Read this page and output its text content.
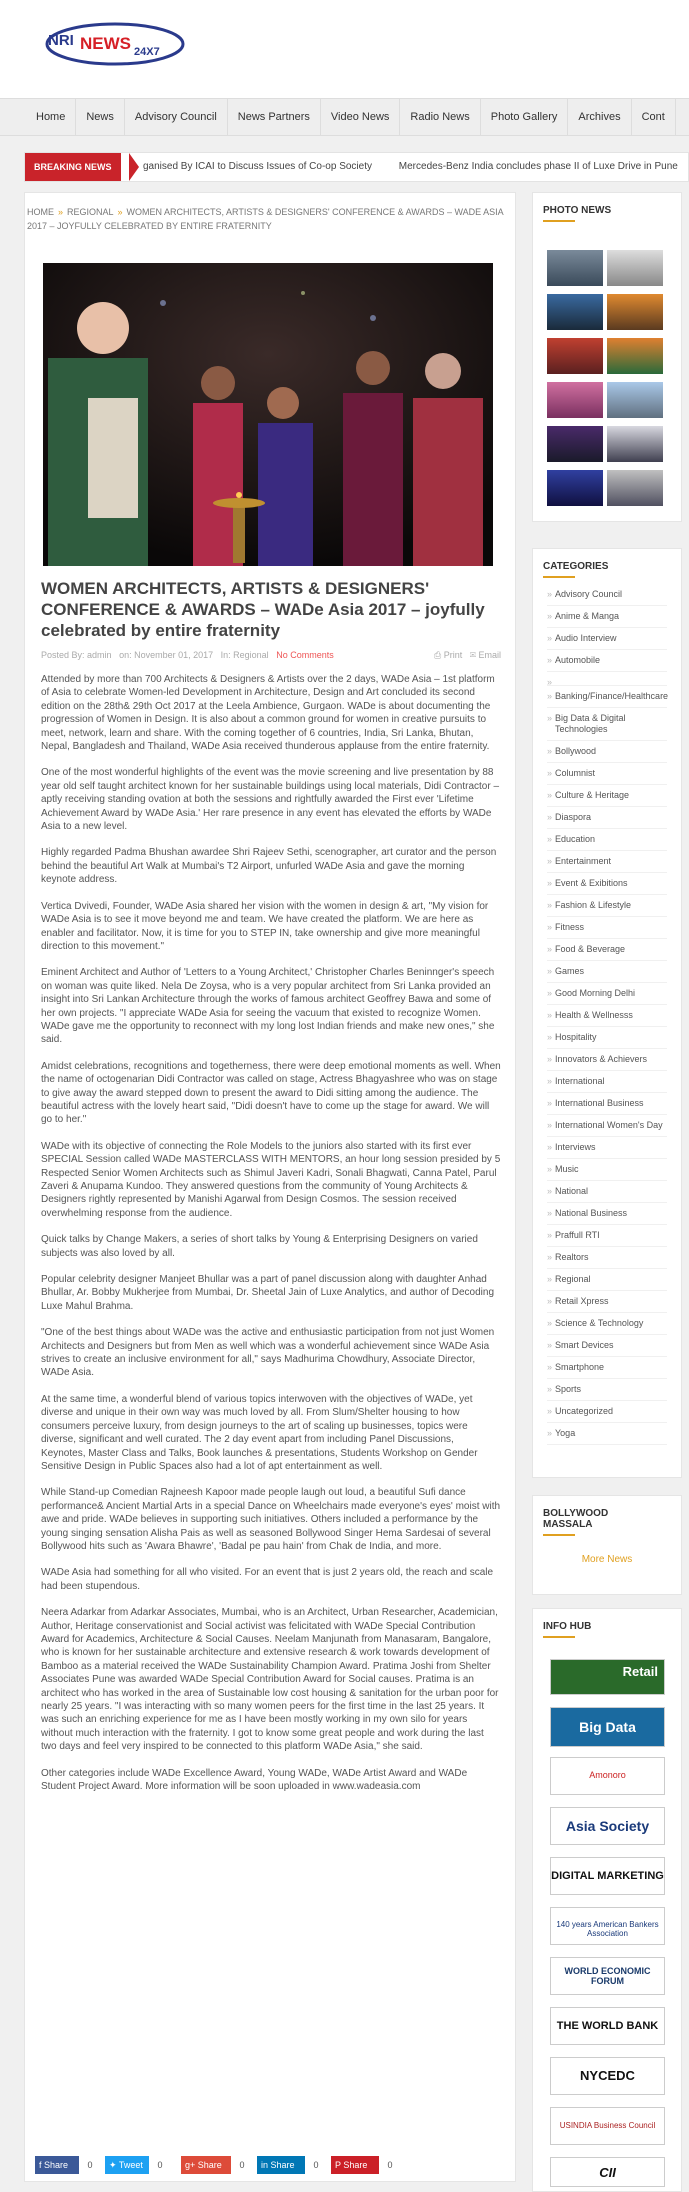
NRI NEWS 24X7
Home News Advisory Council News Partners Video News Radio News Photo Gallery Archives Cont
BREAKING NEWS	ganised By ICAI to Discuss Issues of Co-op Society	Mercedes-Benz India concludes phase II of Luxe Drive in Pune
HOME » REGIONAL » WOMEN ARCHITECTS, ARTISTS & DESIGNERS' CONFERENCE & AWARDS – WADE ASIA 2017 – JOYFULLY CELEBRATED BY ENTIRE FRATERNITY
WOMEN ARCHITECTS, ARTISTS & DESIGNERS' CONFERENCE & AWARDS – WADe Asia 2017 – joyfully celebrated by entire fraternity
Posted By: admin on: November 01, 2017 In: Regional No Comments	⎙ Print ✉ Email

Attended by more than 700 Architects & Designers & Artists over the 2 days, WADe Asia – 1st platform of Asia to celebrate Women-led Development in Architecture, Design and Art concluded its second edition on the 28th& 29th Oct 2017 at the Leela Ambience, Gurgaon. WADe is about documenting the progression of Women in Design. It is also about a common ground for women in creative pursuits to meet, network, learn and share. With the coming together of 6 countries, India, Sri Lanka, Bhutan, Nepal, Bangladesh and Thailand, WADe Asia received thunderous applause from the entire fraternity.

One of the most wonderful highlights of the event was the movie screening and live presentation by 88 year old self taught architect known for her sustainable buildings using local materials, Didi Contractor – aptly receiving standing ovation at both the sessions and rightfully awarded the First ever 'Lifetime Achievement Award by WADe Asia.' Her rare presence in any event has elevated the efforts by WADe Asia to a new level.

Highly regarded Padma Bhushan awardee Shri Rajeev Sethi, scenographer, art curator and the person behind the beautiful Art Walk at Mumbai's T2 Airport, unfurled WADe Asia and gave the morning keynote address.

Vertica Dvivedi, Founder, WADe Asia shared her vision with the women in design & art, "My vision for WADe Asia is to see it move beyond me and team. We have created the platform. We are here as enabler and facilitator. Now, it is time for you to STEP IN, take ownership and give more meaningful direction to this movement."

Eminent Architect and Author of 'Letters to a Young Architect,' Christopher Charles Beninnger's speech on woman was quite liked. Nela De Zoysa, who is a very popular architect from Sri Lanka provided an insight into Sri Lankan Architecture through the works of famous architect Geoffrey Bawa and some of her own projects. "I appreciate WADe Asia for seeing the vacuum that existed to recognize Women. WADe gave me the opportunity to reconnect with my long lost Indian friends and make new ones," she said.

Amidst celebrations, recognitions and togetherness, there were deep emotional moments as well. When the name of octogenarian Didi Contractor was called on stage, Actress Bhagyashree who was on stage to give away the award stepped down to present the award to Didi sitting among the audience. The beautiful actress with the lovely heart said, "Didi doesn't have to come up the stage for award. We will go to her."

WADe with its objective of connecting the Role Models to the juniors also started with its first ever SPECIAL Session called WADe MASTERCLASS WITH MENTORS, an hour long session presided by 5 Respected Senior Women Architects such as Shimul Javeri Kadri, Sonali Bhagwati, Canna Patel, Parul Zaveri & Anupama Kundoo. They answered questions from the community of Young Architects & Designers rightly represented by Manishi Agarwal from Design Cosmos. The session received overwhelming response from the audience.

Quick talks by Change Makers, a series of short talks by Young & Enterprising Designers on varied subjects was also loved by all.

Popular celebrity designer Manjeet Bhullar was a part of panel discussion along with daughter Anhad Bhullar, Ar. Bobby Mukherjee from Mumbai, Dr. Sheetal Jain of Luxe Analytics, and author of Decoding Luxe Mahul Brahma.

"One of the best things about WADe was the active and enthusiastic participation from not just Women Architects and Designers but from Men as well which was a wonderful achievement since WADe Asia strives to create an inclusive environment for all," says Madhurima Chowdhury, Associate Director, WADe Asia.

At the same time, a wonderful blend of various topics interwoven with the objectives of WADe, yet diverse and unique in their own way was much loved by all. From Slum/Shelter housing to how consumers perceive luxury, from design journeys to the art of scaling up businesses, topics were diverse, significant and well curated. The 2 day event apart from including Panel Discussions, Keynotes, Master Class and Talks, Book launches & presentations, Students Workshop on Gender Sensitive Design in Public Spaces also had a lot of apt entertainment as well.

While Stand-up Comedian Rajneesh Kapoor made people laugh out loud, a beautiful Sufi dance performance& Ancient Martial Arts in a special Dance on Wheelchairs made everyone's eyes' moist with awe and pride. WADe believes in supporting such initiatives. Others included a performance by the young singing sensation Alisha Pais as well as seasoned Bollywood Singer Hema Sardesai of several Bollywood hits such as 'Awara Bhawre', 'Badal pe pau hain' from Chak de India, and more.

WADe Asia had something for all who visited. For an event that is just 2 years old, the reach and scale had been stupendous.

Neera Adarkar from Adarkar Associates, Mumbai, who is an Architect, Urban Researcher, Academician, Author, Heritage conservationist and Social activist was felicitated with WADe Special Contribution Award for Academics, Architecture & Social Causes. Neelam Manjunath from Manasaram, Bangalore, who is known for her sustainable architecture and extensive research & work towards development of Bamboo as a material received the WADe Sustainability Champion Award. Pratima Joshi from Shelter Associates Pune was awarded WADe Special Contribution Award for Social causes. Pratima is an architect who has worked in the area of Sustainable low cost housing & sanitation for the urban poor for nearly 25 years. "I was interacting with so many women peers for the first time in the last 25 years. It was such an enriching experience for me as I have been mostly working in my own silo for years without much interaction with the fraternity. I got to know some great people and work during the last two days and feel very inspired to be connected to this platform WADe Asia," she said.

Other categories include WADe Excellence Award, Young WADe, WADe Artist Award and WADe Student Project Award. More information will be soon uploaded in www.wadeasia.com

f Share	0	✦ Tweet	0	g+ Share	0	in Share	0	P Share	0
PHOTO NEWS
CATEGORIES
» Advisory Council
» Anime & Manga
» Audio Interview
» Automobile
»
» Banking/Finance/Healthcare
» Big Data & Digital Technologies
» Bollywood
» Columnist
» Culture & Heritage
» Diaspora
» Education
» Entertainment
» Event & Exibitions
» Fashion & Lifestyle
» Fitness
» Food & Beverage
» Games
» Good Morning Delhi
» Health & Wellnesss
» Hospitality
» Innovators & Achievers
» International
» International Business
» International Women's Day
» Interviews
» Music
» National
» National Business
» Praffull RTI
» Realtors
» Regional
» Retail Xpress
» Science & Technology
» Smart Devices
» Smartphone
» Sports
» Uncategorized
» Yoga
BOLLYWOOD MASSALA
More News
INFO HUB
Retail
Big Data
Amonoro
Asia Society
DIGITAL MARKETING
140 years American Bankers Association
WORLD ECONOMIC FORUM
THE WORLD BANK
NYCEDC
USINDIA Business Council
CII
